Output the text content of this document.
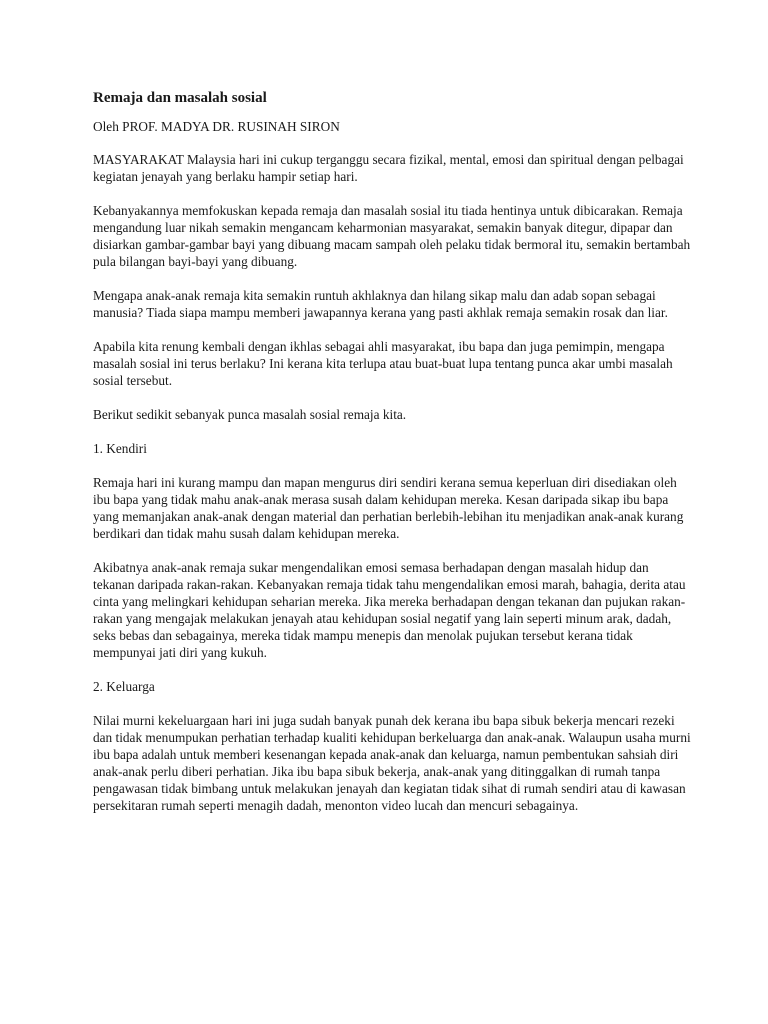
Remaja dan masalah sosial
Oleh PROF. MADYA DR. RUSINAH SIRON

MASYARAKAT Malaysia hari ini cukup terganggu secara fizikal, mental, emosi dan spiritual dengan pelbagai kegiatan jenayah yang berlaku hampir setiap hari.

Kebanyakannya memfokuskan kepada remaja dan masalah sosial itu tiada hentinya untuk dibicarakan. Remaja mengandung luar nikah semakin mengancam keharmonian masyarakat, semakin banyak ditegur, dipapar dan disiarkan gambar-gambar bayi yang dibuang macam sampah oleh pelaku tidak bermoral itu, semakin bertambah pula bilangan bayi-bayi yang dibuang.

Mengapa anak-anak remaja kita semakin runtuh akhlaknya dan hilang sikap malu dan adab sopan sebagai manusia? Tiada siapa mampu memberi jawapannya kerana yang pasti akhlak remaja semakin rosak dan liar.

Apabila kita renung kembali dengan ikhlas sebagai ahli masyarakat, ibu bapa dan juga pemimpin, mengapa masalah sosial ini terus berlaku? Ini kerana kita terlupa atau buat-buat lupa tentang punca akar umbi masalah sosial tersebut.

Berikut sedikit sebanyak punca masalah sosial remaja kita.

1. Kendiri

Remaja hari ini kurang mampu dan mapan mengurus diri sendiri kerana semua keperluan diri disediakan oleh ibu bapa yang tidak mahu anak-anak merasa susah dalam kehidupan mereka. Kesan daripada sikap ibu bapa yang memanjakan anak-anak dengan material dan perhatian berlebih-lebihan itu menjadikan anak-anak kurang berdikari dan tidak mahu susah dalam kehidupan mereka.

Akibatnya anak-anak remaja sukar mengendalikan emosi semasa berhadapan dengan masalah hidup dan tekanan daripada rakan-rakan. Kebanyakan remaja tidak tahu mengendalikan emosi marah, bahagia, derita atau cinta yang melingkari kehidupan seharian mereka. Jika mereka berhadapan dengan tekanan dan pujukan rakan-rakan yang mengajak melakukan jenayah atau kehidupan sosial negatif yang lain seperti minum arak, dadah, seks bebas dan sebagainya, mereka tidak mampu menepis dan menolak pujukan tersebut kerana tidak mempunyai jati diri yang kukuh.

2. Keluarga

Nilai murni kekeluargaan hari ini juga sudah banyak punah dek kerana ibu bapa sibuk bekerja mencari rezeki dan tidak menumpukan perhatian terhadap kualiti kehidupan berkeluarga dan anak-anak. Walaupun usaha murni ibu bapa adalah untuk memberi kesenangan kepada anak-anak dan keluarga, namun pembentukan sahsiah diri anak-anak perlu diberi perhatian. Jika ibu bapa sibuk bekerja, anak-anak yang ditinggalkan di rumah tanpa pengawasan tidak bimbang untuk melakukan jenayah dan kegiatan tidak sihat di rumah sendiri atau di kawasan persekitaran rumah seperti menagih dadah, menonton video lucah dan mencuri sebagainya.
